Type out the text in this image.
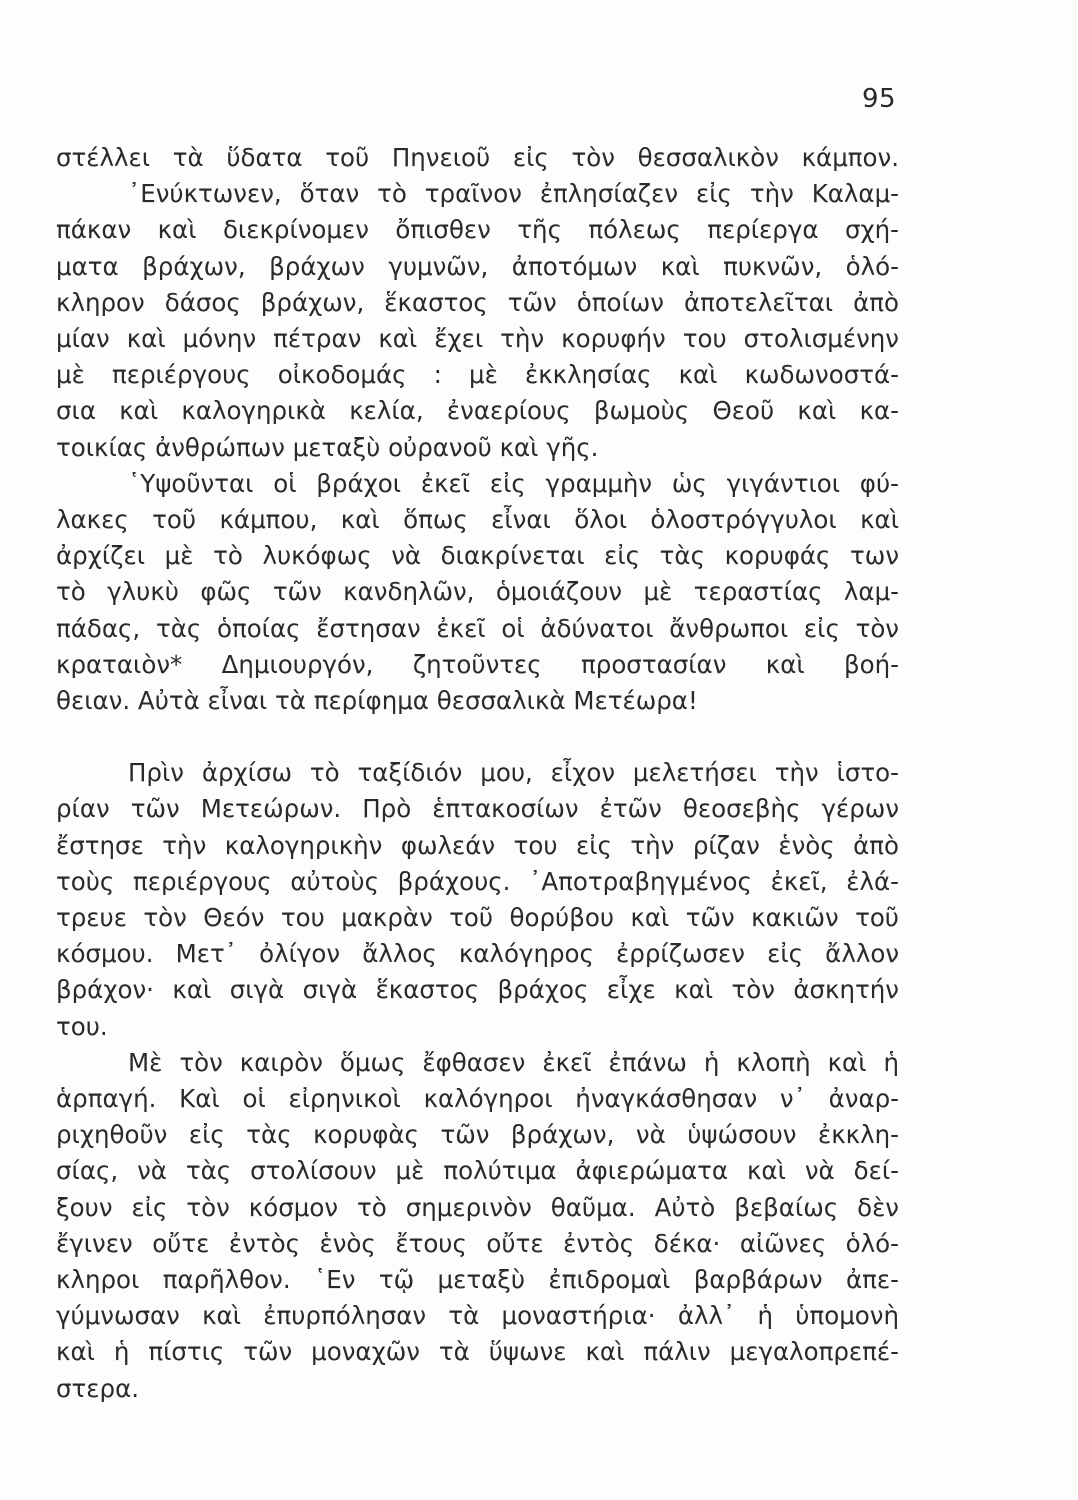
95
στέλλει τὰ ὕδατα τοῦ Πηνειοῦ εἰς τὸν θεσσαλικὸν κάμπον.
᾿Ενύκτωνεν, ὅταν τὸ τραῖνον ἐπλησίαζεν εἰς τὴν Καλαμ-
πάκαν καὶ διεκρίνομεν ὄπισθεν τῆς πόλεως περίεργα σχή-
ματα βράχων, βράχων γυμνῶν, ἀποτόμων καὶ πυκνῶν, ὁλό-
κληρον δάσος βράχων, ἕκαστος τῶν ὁποίων ἀποτελεῖται ἀπὸ
μίαν καὶ μόνην πέτραν καὶ ἔχει τὴν κορυφήν του στολισμένην
μὲ περιέργους οἰκοδομάς : μὲ ἐκκλησίας καὶ κωδωνοστά-
σια καὶ καλογηρικὰ κελία, ἐναερίους βωμοὺς Θεοῦ καὶ κα-
τοικίας ἀνθρώπων μεταξὺ οὐρανοῦ καὶ γῆς.
῾Υψοῦνται οἱ βράχοι ἐκεῖ εἰς γραμμὴν ὡς γιγάντιοι φύ-
λακες τοῦ κάμπου, καὶ ὅπως εἶναι ὅλοι ὁλοστρόγγυλοι καὶ
ἀρχίζει μὲ τὸ λυκόφως νὰ διακρίνεται εἰς τὰς κορυφάς των
τὸ γλυκὺ φῶς τῶν κανδηλῶν, ὁμοιάζουν μὲ τεραστίας λαμ-
πάδας, τὰς ὁποίας ἔστησαν ἐκεῖ οἱ ἀδύνατοι ἄνθρωποι εἰς τὸν
κραταιὸν* Δημιουργόν, ζητοῦντες προστασίαν καὶ βοή-
θειαν. Αὐτὰ εἶναι τὰ περίφημα θεσσαλικὰ Μετέωρα!
Πρὶν ἀρχίσω τὸ ταξίδιόν μου, εἶχον μελετήσει τὴν ἱστο-
ρίαν τῶν Μετεώρων. Πρὸ ἑπτακοσίων ἐτῶν θεοσεβὴς γέρων
ἔστησε τὴν καλογηρικὴν φωλεάν του εἰς τὴν ρίζαν ἑνὸς ἀπὸ
τοὺς περιέργους αὐτοὺς βράχους. ᾿Αποτραβηγμένος ἐκεῖ, ἐλά-
τρευε τὸν Θεόν του μακρὰν τοῦ θορύβου καὶ τῶν κακιῶν τοῦ
κόσμου. Μετ᾿ ὀλίγον ἄλλος καλόγηρος ἐρρίζωσεν εἰς ἄλλον
βράχον· καὶ σιγὰ σιγὰ ἕκαστος βράχος εἶχε καὶ τὸν ἀσκητήν
του.
Μὲ τὸν καιρὸν ὅμως ἔφθασεν ἐκεῖ ἐπάνω ἡ κλοπὴ καὶ ἡ
ἁρπαγή. Καὶ οἱ εἰρηνικοὶ καλόγηροι ἠναγκάσθησαν ν᾿ ἀναρ-
ριχηθοῦν εἰς τὰς κορυφὰς τῶν βράχων, νὰ ὑψώσουν ἐκκλη-
σίας, νὰ τὰς στολίσουν μὲ πολύτιμα ἀφιερώματα καὶ νὰ δεί-
ξουν εἰς τὸν κόσμον τὸ σημερινὸν θαῦμα. Αὐτὸ βεβαίως δὲν
ἔγινεν οὔτε ἐντὸς ἑνὸς ἔτους οὔτε ἐντὸς δέκα· αἰῶνες ὁλό-
κληροι παρῆλθον. ῾Εν τῷ μεταξὺ ἐπιδρομαὶ βαρβάρων ἀπε-
γύμνωσαν καὶ ἐπυρπόλησαν τὰ μοναστήρια· ἀλλ᾿ ἡ ὑπομονὴ
καὶ ἡ πίστις τῶν μοναχῶν τὰ ὕψωνε καὶ πάλιν μεγαλοπρεπέ-
στερα.
